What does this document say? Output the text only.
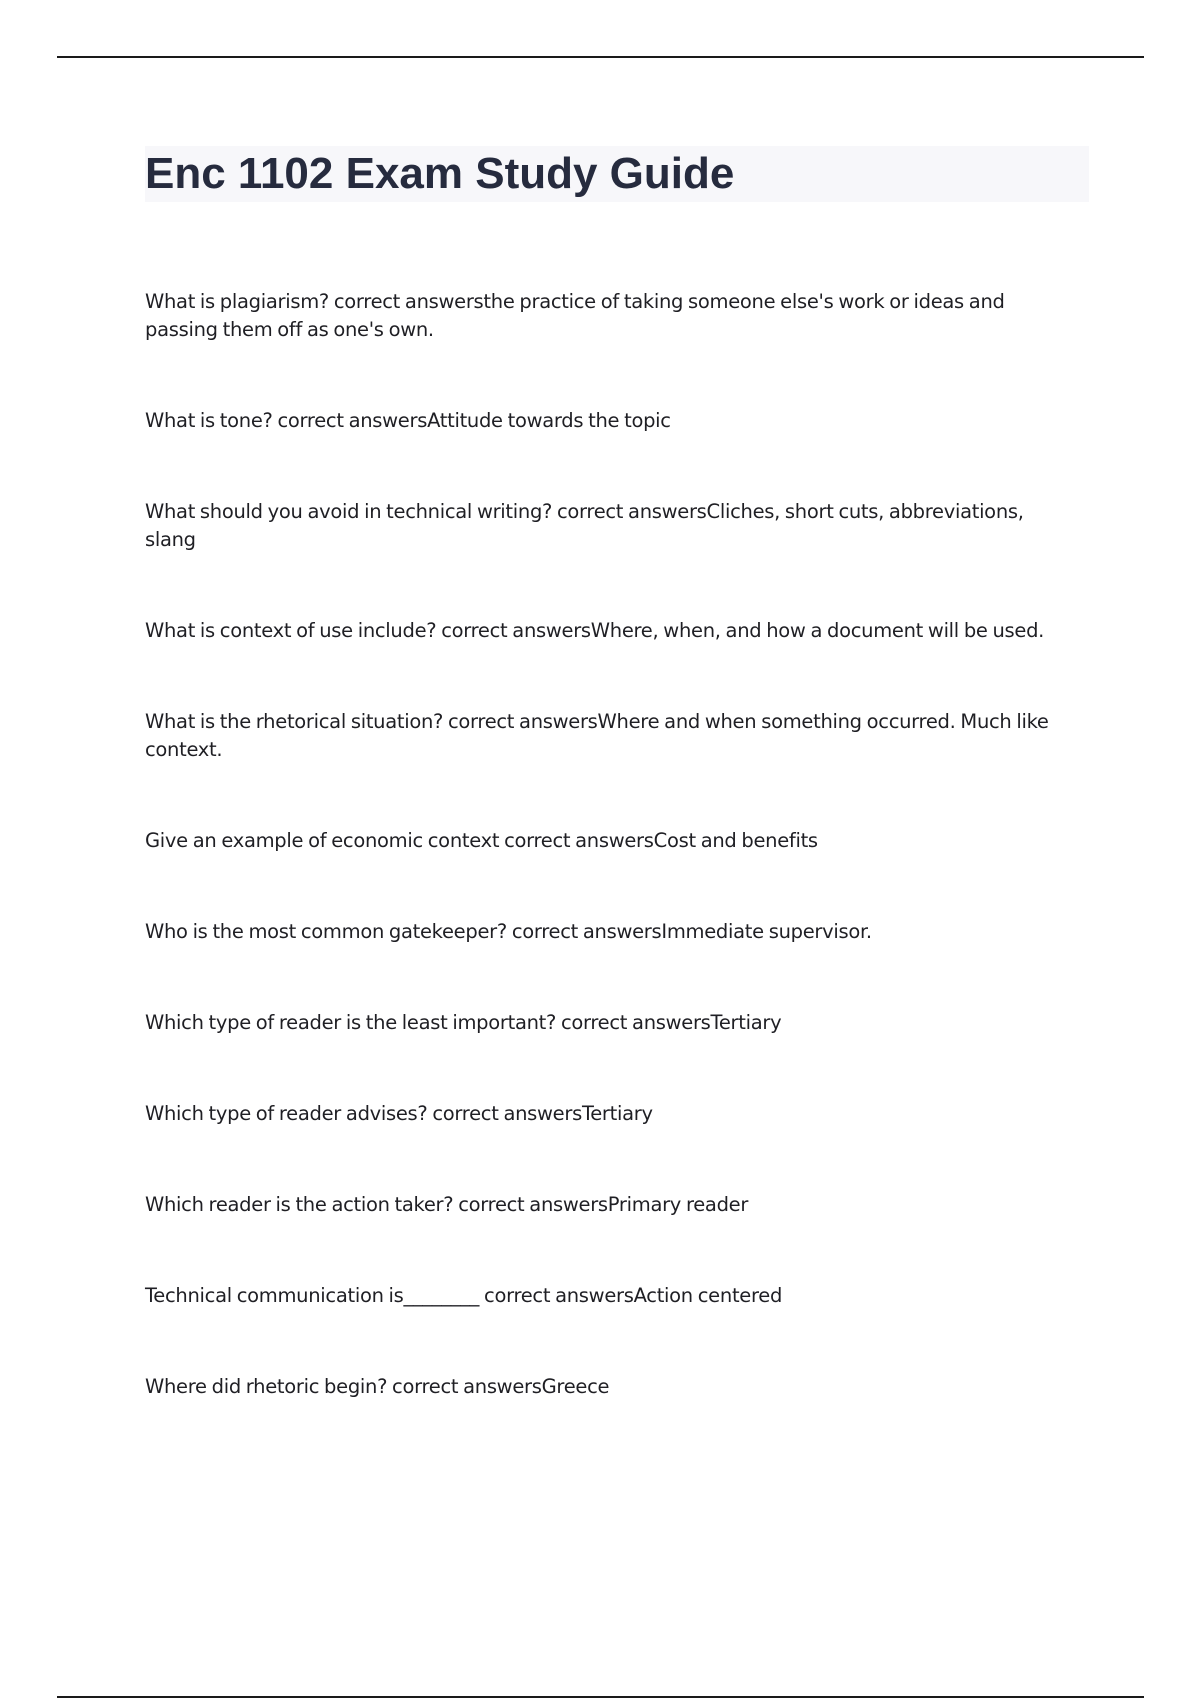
Enc 1102 Exam Study Guide
What is plagiarism? correct answersthe practice of taking someone else's work or ideas and passing them off as one's own.
What is tone? correct answersAttitude towards the topic
What should you avoid in technical writing? correct answersCliches, short cuts, abbreviations, slang
What is context of use include? correct answersWhere, when, and how a document will be used.
What is the rhetorical situation? correct answersWhere and when something occurred. Much like context.
Give an example of economic context correct answersCost and benefits
Who is the most common gatekeeper? correct answersImmediate supervisor.
Which type of reader is the least important? correct answersTertiary
Which type of reader advises? correct answersTertiary
Which reader is the action taker? correct answersPrimary reader
Technical communication is________ correct answersAction centered
Where did rhetoric begin? correct answersGreece
